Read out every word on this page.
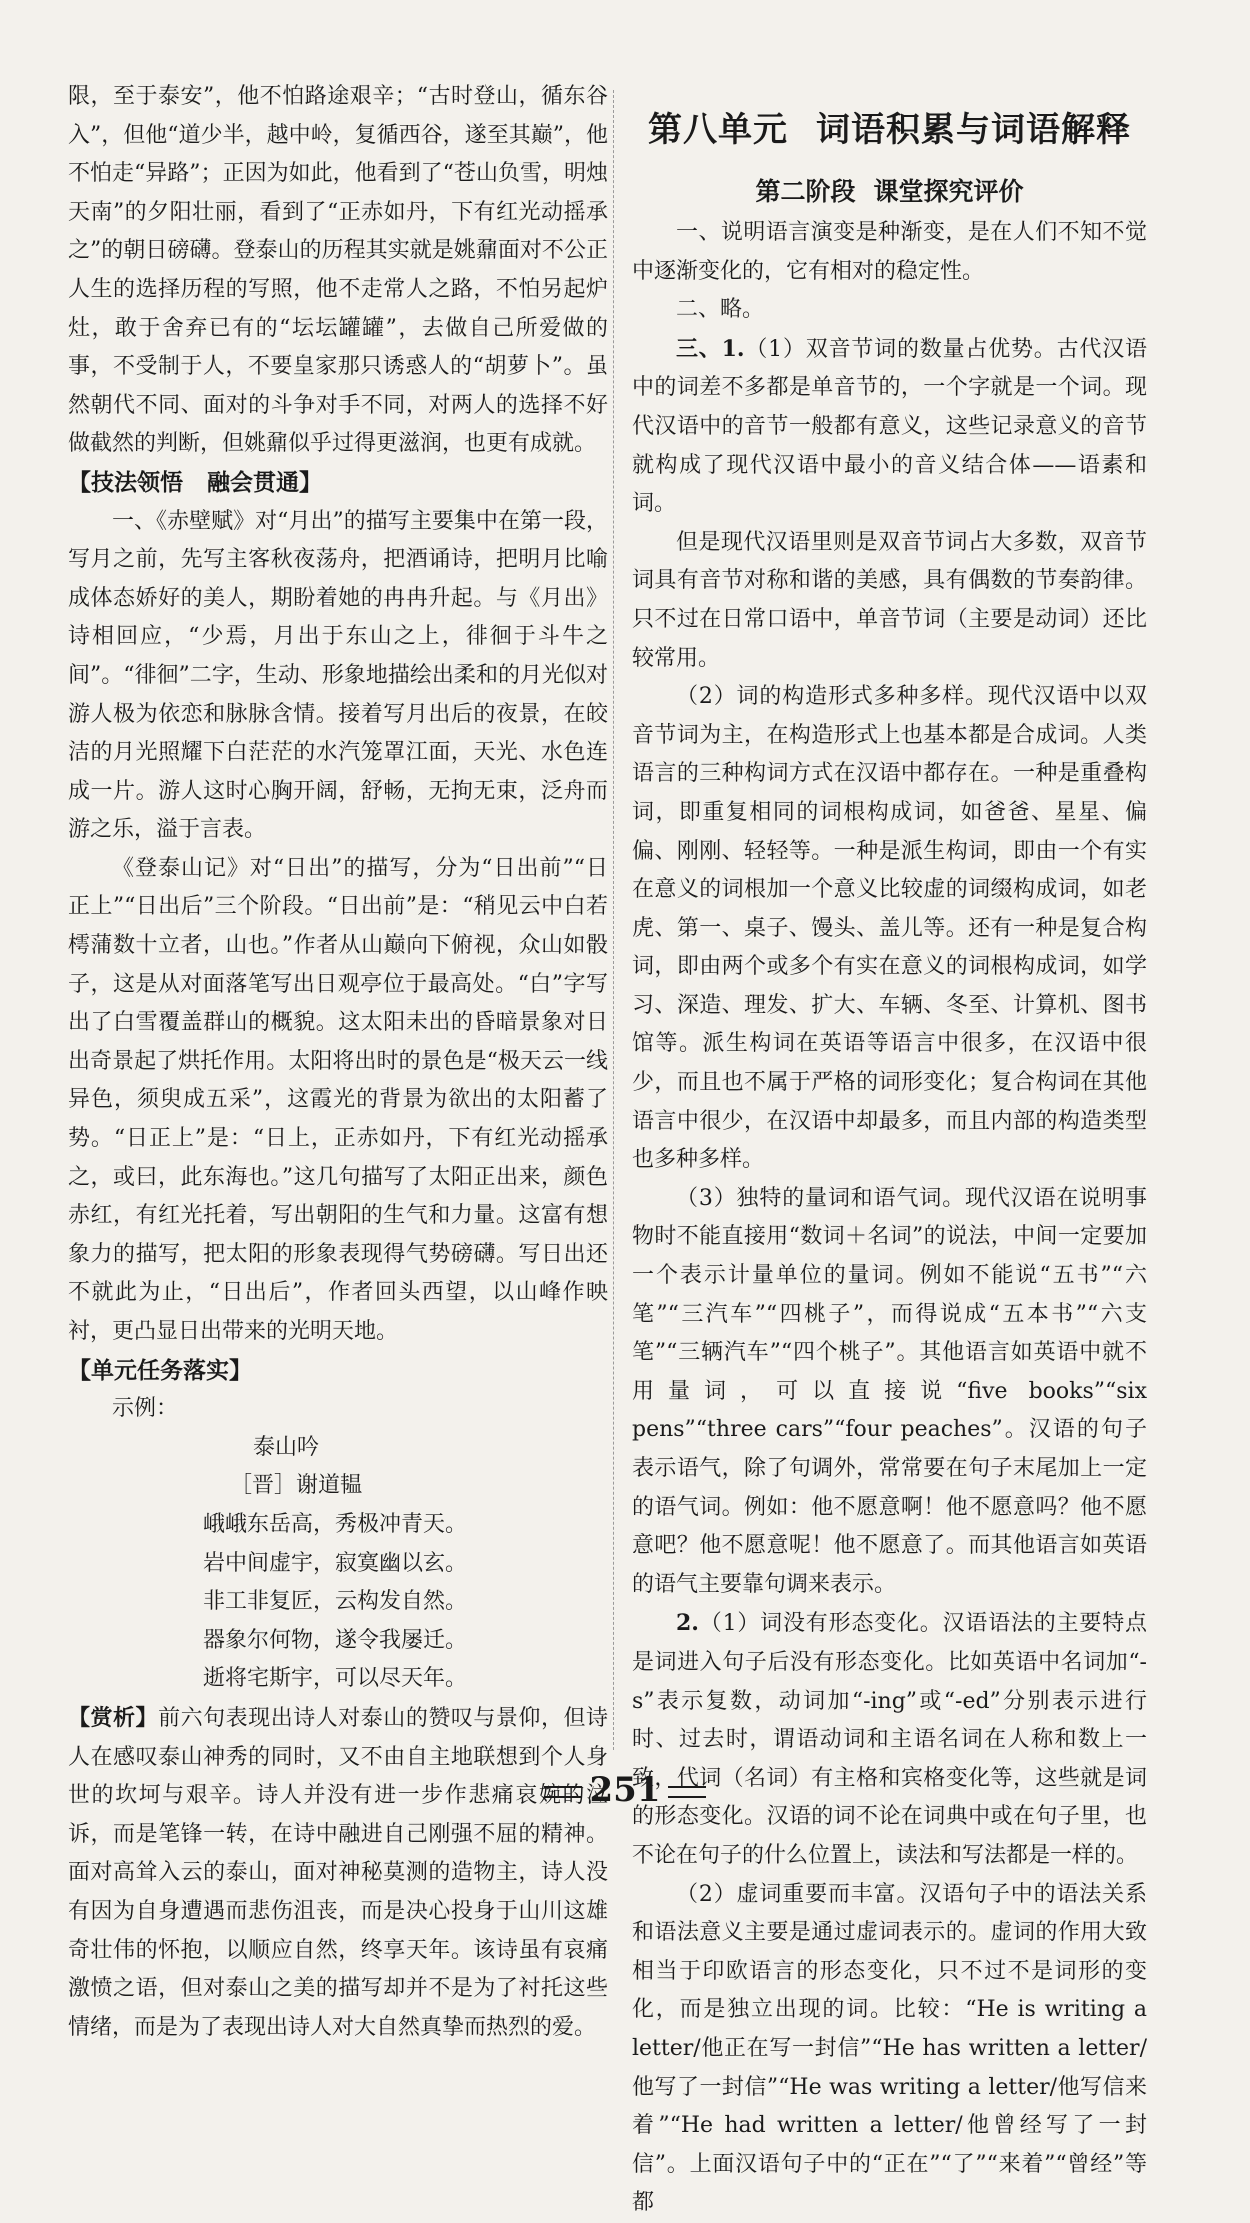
限，至于泰安”，他不怕路途艰辛；“古时登山，循东谷入”，但他“道少半，越中岭，复循西谷，遂至其巅”，他不怕走“异路”；正因为如此，他看到了“苍山负雪，明烛天南”的夕阳壮丽，看到了“正赤如丹，下有红光动摇承之”的朝日磅礴。登泰山的历程其实就是姚鼐面对不公正人生的选择历程的写照，他不走常人之路，不怕另起炉灶，敢于舍弃已有的“坛坛罐罐”，去做自己所爱做的事，不受制于人，不要皇家那只诱惑人的“胡萝卜”。虽然朝代不同、面对的斗争对手不同，对两人的选择不好做截然的判断，但姚鼐似乎过得更滋润，也更有成就。

【技法领悟 融会贯通】

一、《赤壁赋》对“月出”的描写主要集中在第一段，写月之前，先写主客秋夜荡舟，把酒诵诗，把明月比喻成体态娇好的美人，期盼着她的冉冉升起。与《月出》诗相回应，“少焉，月出于东山之上，徘徊于斗牛之间”。“徘徊”二字，生动、形象地描绘出柔和的月光似对游人极为依恋和脉脉含情。接着写月出后的夜景，在皎洁的月光照耀下白茫茫的水汽笼罩江面，天光、水色连成一片。游人这时心胸开阔，舒畅，无拘无束，泛舟而游之乐，溢于言表。

《登泰山记》对“日出”的描写，分为“日出前”“日正上”“日出后”三个阶段。“日出前”是：“稍见云中白若樗蒲数十立者，山也。”作者从山巅向下俯视，众山如骰子，这是从对面落笔写出日观亭位于最高处。“白”字写出了白雪覆盖群山的概貌。这太阳未出的昏暗景象对日出奇景起了烘托作用。太阳将出时的景色是“极天云一线异色，须臾成五采”，这霞光的背景为欲出的太阳蓄了势。“日正上”是：“日上，正赤如丹，下有红光动摇承之，或曰，此东海也。”这几句描写了太阳正出来，颜色赤红，有红光托着，写出朝阳的生气和力量。这富有想象力的描写，把太阳的形象表现得气势磅礴。写日出还不就此为止，“日出后”，作者回头西望，以山峰作映衬，更凸显日出带来的光明天地。

【单元任务落实】

示例：

泰山吟

［晋］谢道韫

峨峨东岳高，秀极冲青天。

岩中间虚宇，寂寞幽以玄。

非工非复匠，云构发自然。

器象尔何物，遂令我屡迁。

逝将宅斯宇，可以尽天年。

【赏析】前六句表现出诗人对泰山的赞叹与景仰，但诗人在感叹泰山神秀的同时，又不由自主地联想到个人身世的坎坷与艰辛。诗人并没有进一步作悲痛哀婉的泣诉，而是笔锋一转，在诗中融进自己刚强不屈的精神。面对高耸入云的泰山，面对神秘莫测的造物主，诗人没有因为自身遭遇而悲伤沮丧，而是决心投身于山川这雄奇壮伟的怀抱，以顺应自然，终享天年。该诗虽有哀痛激愤之语，但对泰山之美的描写却并不是为了衬托这些情绪，而是为了表现出诗人对大自然真挚而热烈的爱。

第八单元 词语积累与词语解释
第二阶段 课堂探究评价

一、说明语言演变是种渐变，是在人们不知不觉中逐渐变化的，它有相对的稳定性。

二、略。

三、1.（1）双音节词的数量占优势。古代汉语中的词差不多都是单音节的，一个字就是一个词。现代汉语中的音节一般都有意义，这些记录意义的音节就构成了现代汉语中最小的音义结合体——语素和词。

但是现代汉语里则是双音节词占大多数，双音节词具有音节对称和谐的美感，具有偶数的节奏韵律。只不过在日常口语中，单音节词（主要是动词）还比较常用。

（2）词的构造形式多种多样。现代汉语中以双音节词为主，在构造形式上也基本都是合成词。人类语言的三种构词方式在汉语中都存在。一种是重叠构词，即重复相同的词根构成词，如爸爸、星星、偏偏、刚刚、轻轻等。一种是派生构词，即由一个有实在意义的词根加一个意义比较虚的词缀构成词，如老虎、第一、桌子、馒头、盖儿等。还有一种是复合构词，即由两个或多个有实在意义的词根构成词，如学习、深造、理发、扩大、车辆、冬至、计算机、图书馆等。派生构词在英语等语言中很多，在汉语中很少，而且也不属于严格的词形变化；复合构词在其他语言中很少，在汉语中却最多，而且内部的构造类型也多种多样。

（3）独特的量词和语气词。现代汉语在说明事物时不能直接用“数词＋名词”的说法，中间一定要加一个表示计量单位的量词。例如不能说“五书”“六笔”“三汽车”“四桃子”，而得说成“五本书”“六支笔”“三辆汽车”“四个桃子”。其他语言如英语中就不用量词，可以直接说“five books”“six pens”“three cars”“four peaches”。汉语的句子表示语气，除了句调外，常常要在句子末尾加上一定的语气词。例如：他不愿意啊！他不愿意吗？他不愿意吧？他不愿意呢！他不愿意了。而其他语言如英语的语气主要靠句调来表示。

2.（1）词没有形态变化。汉语语法的主要特点是词进入句子后没有形态变化。比如英语中名词加“-s”表示复数，动词加“-ing”或“-ed”分别表示进行时、过去时，谓语动词和主语名词在人称和数上一致，代词（名词）有主格和宾格变化等，这些就是词的形态变化。汉语的词不论在词典中或在句子里，也不论在句子的什么位置上，读法和写法都是一样的。

（2）虚词重要而丰富。汉语句子中的语法关系和语法意义主要是通过虚词表示的。虚词的作用大致相当于印欧语言的形态变化，只不过不是词形的变化，而是独立出现的词。比较：“He is writing a letter/他正在写一封信”“He has written a letter/他写了一封信”“He was writing a letter/他写信来着”“He had written a letter/他曾经写了一封信”。上面汉语句子中的“正在”“了”“来着”“曾经”等都

251
